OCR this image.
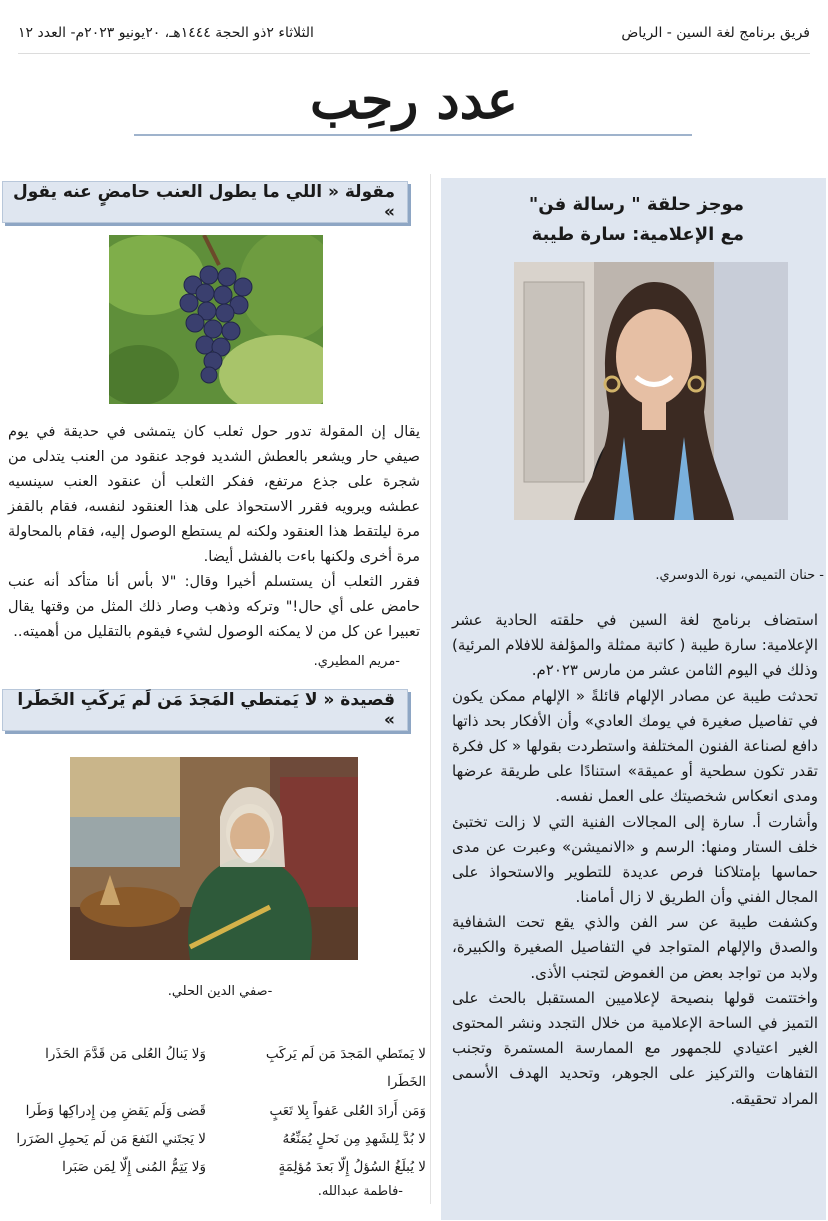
فريق برنامج لغة السين - الرياض
الثلاثاء ٢ذو الحجة ١٤٤٤هـ، ٢٠يونيو ٢٠٢٣م- العدد ١٢
عدد رحِب
موجز حلقة " رسالة فن"
مع الإعلامية: سارة طيبة
- حنان التميمي، نورة الدوسري.

استضاف برنامج لغة السين في حلقته الحادية عشر الإعلامية: سارة طيبة ( كاتبة ممثلة والمؤلفة للافلام المرئية) وذلك في اليوم الثامن عشر من مارس ٢٠٢٣م.

تحدثت طيبة عن مصادر الإلهام قائلةً « الإلهام ممكن يكون في تفاصيل صغيرة في يومك العادي» وأن الأفكار بحد ذاتها دافع لصناعة الفنون المختلفة واستطردت بقولها « كل فكرة تقدر تكون سطحية أو عميقة» استنادًا على طريقة عرضها ومدى انعكاس شخصيتك على العمل نفسه.

وأشارت أ. سارة إلى المجالات الفنية التي لا زالت تختبئ خلف الستار ومنها: الرسم و «الانميشن» وعبرت عن مدى حماسها بإمتلاكنا فرص عديدة للتطوير والاستحواذ على المجال الفني وأن الطريق لا زال أمامنا.

وكشفت طيبة عن سر الفن والذي يقع تحت الشفافية والصدق والإلهام المتواجد في التفاصيل الصغيرة والكبيرة، ولابد من تواجد بعض من الغموض لتجنب الأذى.

واختتمت قولها بنصيحة لإعلاميين المستقبل بالحث على التميز في الساحة الإعلامية من خلال التجدد ونشر المحتوى الغير اعتيادي للجمهور مع الممارسة المستمرة وتجنب التفاهات والتركيز على الجوهر، وتحديد الهدف الأسمى المراد تحقيقه.

مقولة « اللي ما يطول العنب حامضٍ عنه يقول »

يقال إن المقولة تدور حول ثعلب كان يتمشى في حديقة في يوم صيفي حار ويشعر بالعطش الشديد فوجد عنقود من العنب يتدلى من شجرة على جذع مرتفع، ففكر الثعلب أن عنقود العنب سينسيه عطشه ويرويه فقرر الاستحواذ على هذا العنقود لنفسه، فقام بالقفز مرة ليلتقط هذا العنقود ولكنه لم يستطع الوصول إليه، فقام بالمحاولة مرة أخرى ولكنها باءت بالفشل أيضا.

فقرر الثعلب أن يستسلم أخيرا وقال: "لا بأس أنا متأكد أنه عنب حامض على أي حال!" وتركه وذهب وصار ذلك المثل من وقتها يقال تعبيرا عن كل من لا يمكنه الوصول لشيء فيقوم بالتقليل من أهميته..

-مريم المطيري.
قصيدة « لا يَمتطي المَجدَ مَن لَم يَركَبِ الخَطَرا »
-صفي الدين الحلي.
لا يَمتَطي المَجدَ مَن لَم يَركَبِ الخَطَرا
وَلا يَنالُ العُلى مَن قَدَّمَ الحَذَرا
وَمَن أَرادَ العُلى عَفواً بِلا تَعَبٍ
قَضى وَلَم يَقضِ مِن إِدراكِها وَطَرا
لا بُدَّ لِلشَهدِ مِن نَحلٍ يُمَنِّعُهُ
لا يَجتَني النَفعَ مَن لَم يَحمِلِ الضَرَرا
لا يُبلَغُ السُؤلُ إِلّا بَعدَ مُؤلِمَةٍ
وَلا يَتِمُّ المُنى إِلّا لِمَن صَبَرا
-فاطمة عبدالله.
